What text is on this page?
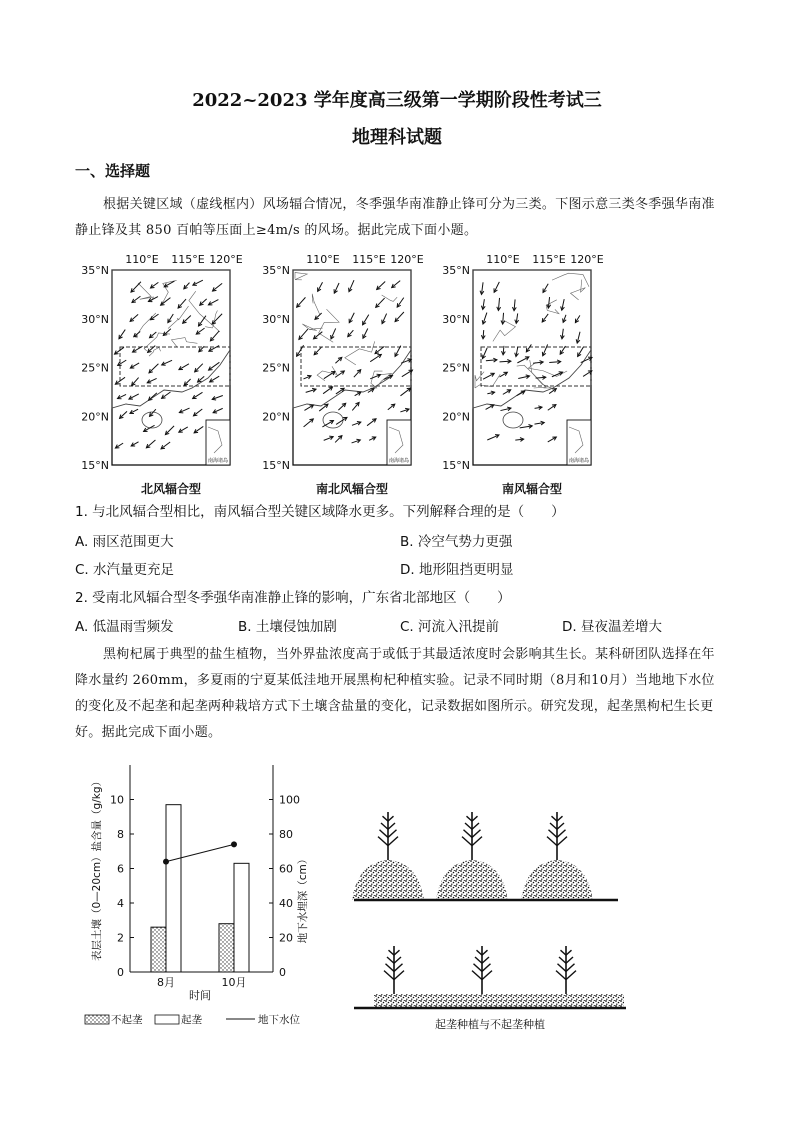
2022~2023 学年度高三级第一学期阶段性考试三
地理科试题
一、选择题
根据关键区域（虚线框内）风场辐合情况，冬季强华南准静止锋可分为三类。下图示意三类冬季强华南准静止锋及其 850 百帕等压面上≥4m/s 的风场。据此完成下面小题。
110°E 115°E 120°E
35°N
30°N
25°N
20°N
15°N	南海诸岛
北风辐合型
110°E 115°E 120°E
35°N
30°N
25°N
20°N
15°N	南海诸岛
南北风辐合型
110°E 115°E 120°E
35°N
30°N
25°N
20°N
15°N	南海诸岛
南风辐合型
1. 与北风辐合型相比，南风辐合型关键区域降水更多。下列解释合理的是（　　）
A. 雨区范围更大	B. 冷空气势力更强
C. 水汽量更充足	D. 地形阻挡更明显
2. 受南北风辐合型冬季强华南准静止锋的影响，广东省北部地区（　　）
A. 低温雨雪频发	B. 土壤侵蚀加剧	C. 河流入汛提前	D. 昼夜温差增大
黑枸杞属于典型的盐生植物，当外界盐浓度高于或低于其最适浓度时会影响其生长。某科研团队选择在年降水量约 260mm，多夏雨的宁夏某低洼地开展黑枸杞种植实验。记录不同时期（8月和10月）当地地下水位的变化及不起垄和起垄两种栽培方式下土壤含盐量的变化，记录数据如图所示。研究发现，起垄黑枸杞生长更好。据此完成下面小题。
0
2
4
6
8
10
0
20
40
60
80
100
表层土壤（0—20cm）盐含量（g/kg）	地下水埋深（cm）
8月	10月
时间
不起垄	起垄	地下水位	起垄种植与不起垄种植
